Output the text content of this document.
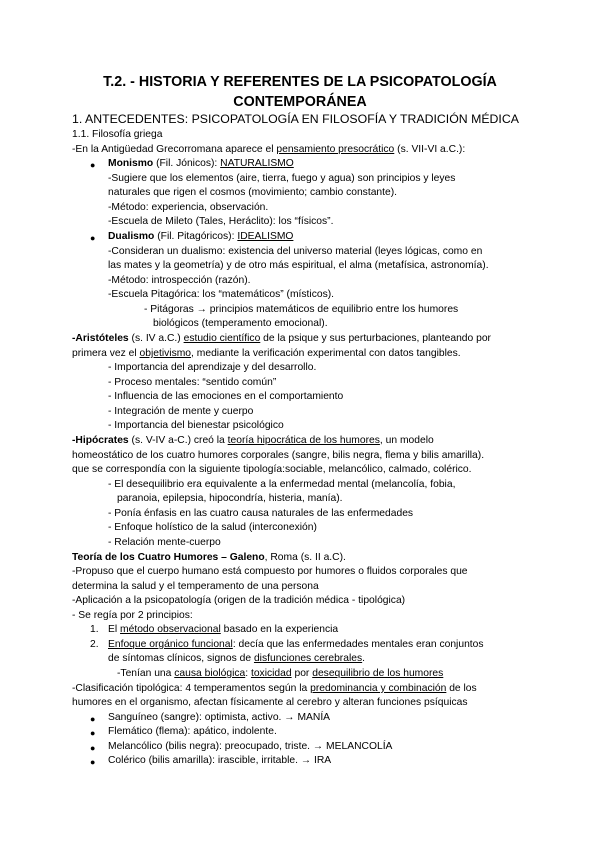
T.2. - HISTORIA Y REFERENTES DE LA PSICOPATOLOGÍA
CONTEMPORÁNEA
1. ANTECEDENTES: PSICOPATOLOGÍA EN FILOSOFÍA Y TRADICIÓN MÉDICA
1.1. Filosofía griega
-En la Antigüedad Grecorromana aparece el pensamiento presocrático (s. VII-VI a.C.):
● Monismo (Fil. Jónicos): NATURALISMO
-Sugiere que los elementos (aire, tierra, fuego y agua) son principios y leyes
naturales que rigen el cosmos (movimiento; cambio constante).
-Método: experiencia, observación.
-Escuela de Mileto (Tales, Heráclito): los “físicos”.
● Dualismo (Fil. Pitagóricos): IDEALISMO
-Consideran un dualismo: existencia del universo material (leyes lógicas, como en
las mates y la geometría) y de otro más espiritual, el alma (metafísica, astronomía).
-Método: introspección (razón).
-Escuela Pitagórica: los “matemáticos” (místicos).
- Pitágoras → principios matemáticos de equilibrio entre los humores
biológicos (temperamento emocional).
-Aristóteles (s. IV a.C.) estudio científico de la psique y sus perturbaciones, planteando por
primera vez el objetivismo, mediante la verificación experimental con datos tangibles.
- Importancia del aprendizaje y del desarrollo.
- Proceso mentales: “sentido común”
- Influencia de las emociones en el comportamiento
- Integración de mente y cuerpo
- Importancia del bienestar psicológico
-Hipócrates (s. V-IV a-C.) creó la teoría hipocrática de los humores, un modelo
homeostático de los cuatro humores corporales (sangre, bilis negra, flema y bilis amarilla).
que se correspondía con la siguiente tipología:sociable, melancólico, calmado, colérico.
- El desequilibrio era equivalente a la enfermedad mental (melancolía, fobia,
paranoia, epilepsia, hipocondría, histeria, manía).
- Ponía énfasis en las cuatro causa naturales de las enfermedades
- Enfoque holístico de la salud (interconexión)
- Relación mente-cuerpo
Teoría de los Cuatro Humores – Galeno, Roma (s. II a.C).
-Propuso que el cuerpo humano está compuesto por humores o fluidos corporales que
determina la salud y el temperamento de una persona
-Aplicación a la psicopatología (origen de la tradición médica - tipológica)
- Se regía por 2 principios:
1. El método observacional basado en la experiencia
2. Enfoque orgánico funcional: decía que las enfermedades mentales eran conjuntos
de síntomas clínicos, signos de disfunciones cerebrales.
-Tenían una causa biológica: toxicidad por desequilibrio de los humores
-Clasificación tipológica: 4 temperamentos según la predominancia y combinación de los
humores en el organismo, afectan físicamente al cerebro y alteran funciones psíquicas
● Sanguíneo (sangre): optimista, activo. → MANÍA
● Flemático (flema): apático, indolente.
● Melancólico (bilis negra): preocupado, triste. → MELANCOLÍA
● Colérico (bilis amarilla): irascible, irritable. → IRA
